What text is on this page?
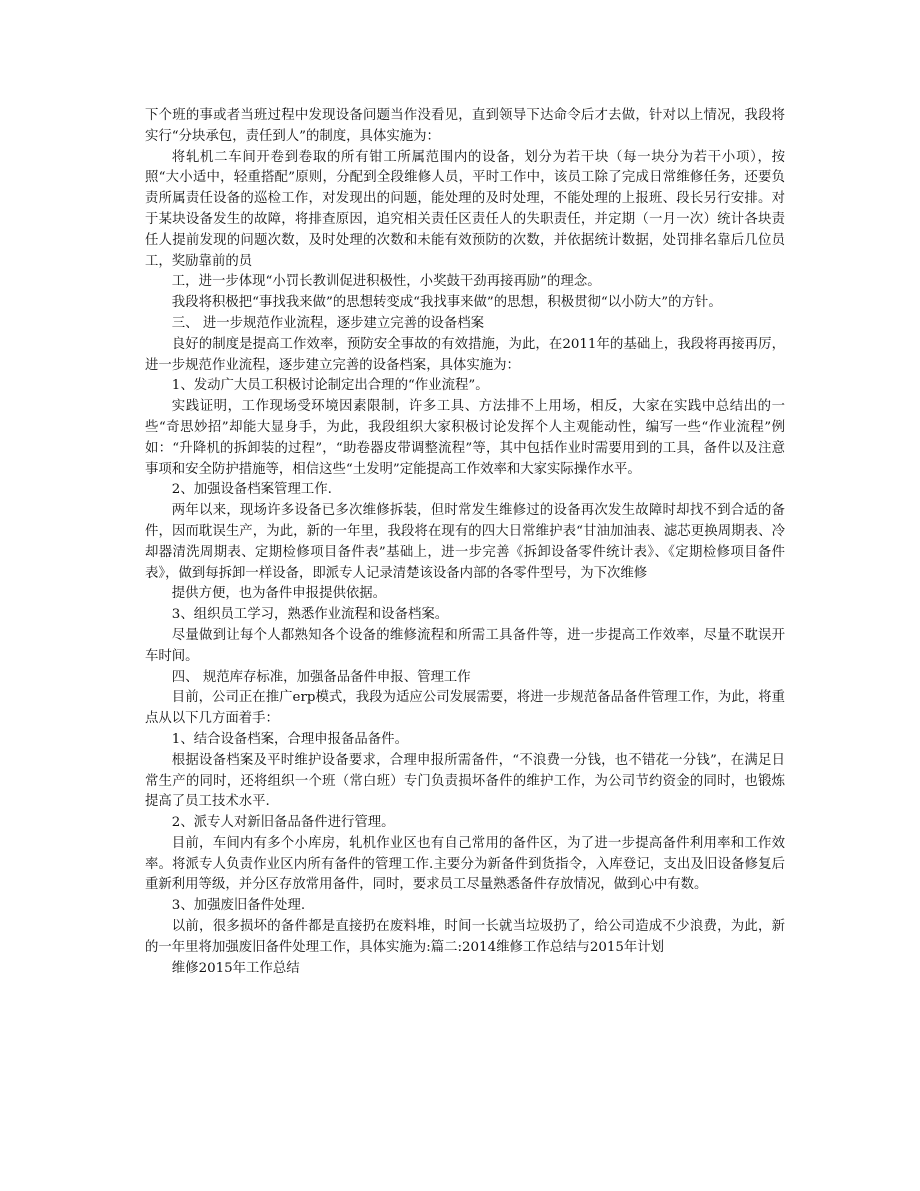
下个班的事或者当班过程中发现设备问题当作没看见，直到领导下达命令后才去做，针对以上情况，我段将实行“分块承包，责任到人”的制度，具体实施为：

将轧机二车间开卷到卷取的所有钳工所属范围内的设备，划分为若干块（每一块分为若干小项），按照“大小适中，轻重搭配”原则，分配到全段维修人员，平时工作中，该员工除了完成日常维修任务，还要负责所属责任设备的巡检工作，对发现出的问题，能处理的及时处理，不能处理的上报班、段长另行安排。对于某块设备发生的故障，将排查原因，追究相关责任区责任人的失职责任，并定期（一月一次）统计各块责任人提前发现的问题次数，及时处理的次数和未能有效预防的次数，并依据统计数据，处罚排名靠后几位员工，奖励靠前的员

工，进一步体现“小罚长教训促进积极性，小奖鼓干劲再接再励”的理念。

我段将积极把“事找我来做”的思想转变成“我找事来做”的思想，积极贯彻“以小防大”的方针。

三、 进一步规范作业流程，逐步建立完善的设备档案

良好的制度是提高工作效率，预防安全事故的有效措施，为此，在2011年的基础上，我段将再接再厉，进一步规范作业流程，逐步建立完善的设备档案，具体实施为：

1、发动广大员工积极讨论制定出合理的“作业流程”。

实践证明，工作现场受环境因素限制，许多工具、方法排不上用场，相反，大家在实践中总结出的一些“奇思妙招”却能大显身手，为此，我段组织大家积极讨论发挥个人主观能动性，编写一些“作业流程”例如：“升降机的拆卸装的过程”，“助卷器皮带调整流程”等，其中包括作业时需要用到的工具，备件以及注意事项和安全防护措施等，相信这些“土发明”定能提高工作效率和大家实际操作水平。

2、加强设备档案管理工作.

两年以来，现场许多设备已多次维修拆装，但时常发生维修过的设备再次发生故障时却找不到合适的备件，因而耽误生产，为此，新的一年里，我段将在现有的四大日常维护表“甘油加油表、滤芯更换周期表、冷却器清洗周期表、定期检修项目备件表”基础上，进一步完善《拆卸设备零件统计表》、《定期检修项目备件表》，做到每拆卸一样设备，即派专人记录清楚该设备内部的各零件型号，为下次维修

提供方便，也为备件申报提供依据。

3、组织员工学习，熟悉作业流程和设备档案。

尽量做到让每个人都熟知各个设备的维修流程和所需工具备件等，进一步提高工作效率，尽量不耽误开车时间。

四、 规范库存标准，加强备品备件申报、管理工作

目前，公司正在推广erp模式，我段为适应公司发展需要，将进一步规范备品备件管理工作，为此，将重点从以下几方面着手：

1、结合设备档案，合理申报备品备件。

根据设备档案及平时维护设备要求，合理申报所需备件，“不浪费一分钱，也不错花一分钱”，在满足日常生产的同时，还将组织一个班（常白班）专门负责损坏备件的维护工作，为公司节约资金的同时，也锻炼提高了员工技术水平.

2、派专人对新旧备品备件进行管理。

目前，车间内有多个小库房，轧机作业区也有自己常用的备件区，为了进一步提高备件利用率和工作效率。将派专人负责作业区内所有备件的管理工作.主要分为新备件到货指令，入库登记，支出及旧设备修复后重新利用等级，并分区存放常用备件，同时，要求员工尽量熟悉备件存放情况，做到心中有数。

3、加强废旧备件处理.

以前，很多损坏的备件都是直接扔在废料堆，时间一长就当垃圾扔了，给公司造成不少浪费，为此，新的一年里将加强废旧备件处理工作，具体实施为:篇二:2014维修工作总结与2015年计划

维修2015年工作总结
